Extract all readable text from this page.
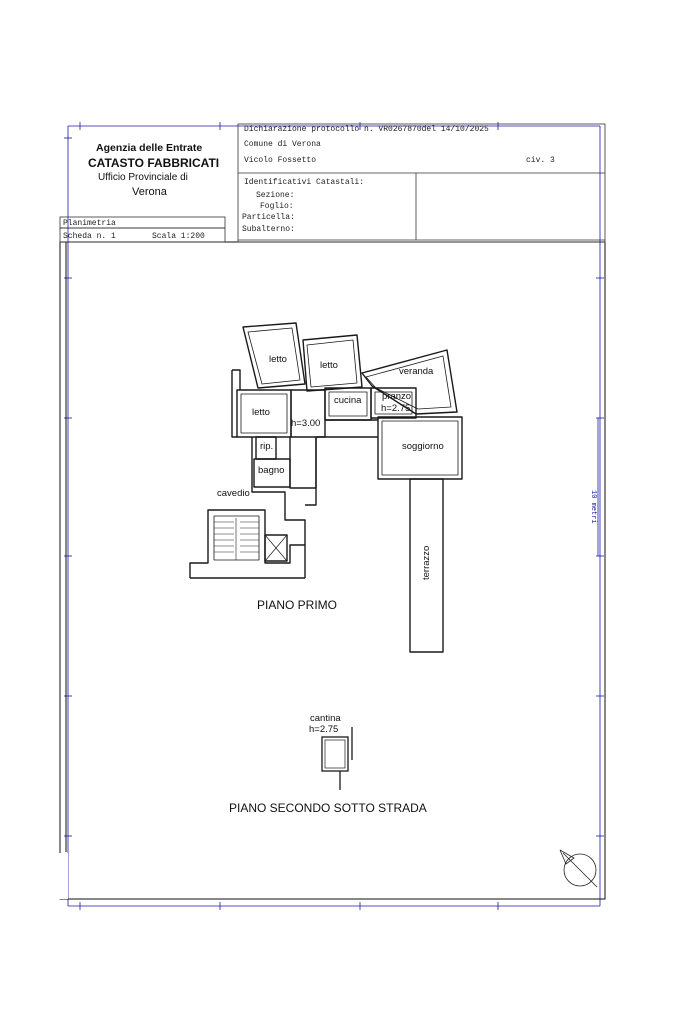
Agenzia delle Entrate
CATASTO FABBRICATI
Ufficio Provinciale di
Verona
Dichiarazione protocollo n. VR0267870del 14/10/2025
Comune di Verona
Vicolo Fossetto	civ. 3
Identificativi Catastali:
Sezione:
Foglio:
Particella:
Subalterno:
Planimetria
Scheda n. 1	Scala 1:200
10 metri
letto
letto
veranda
letto
cucina pranzo
h=2.75
h=3.00
rip.
bagno
soggiorno
cavedio
terrazzo
PIANO PRIMO
cantina
h=2.75
PIANO SECONDO SOTTO STRADA
